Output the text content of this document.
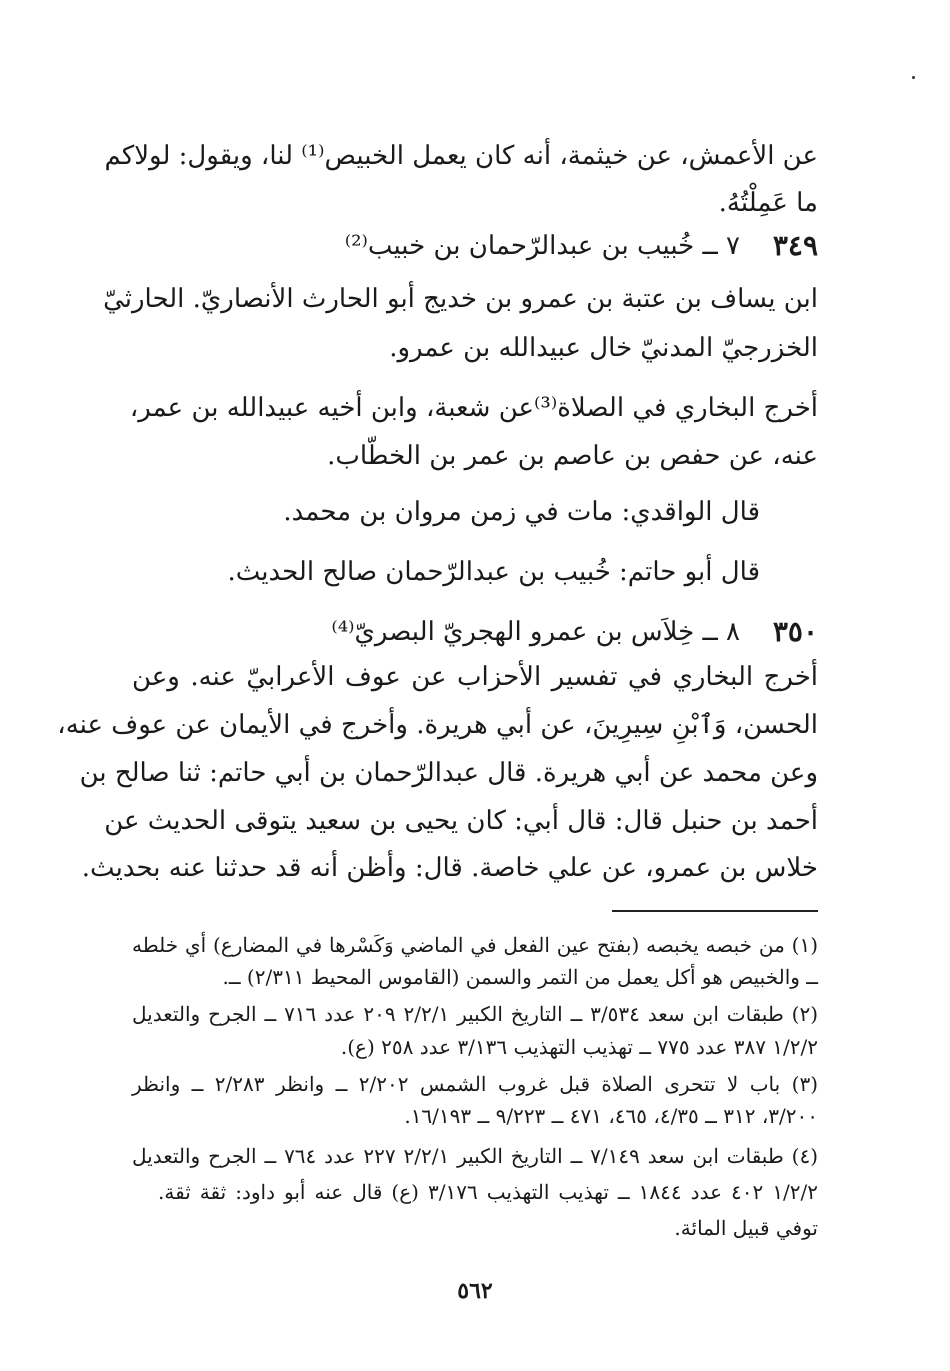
عن الأعمش، عن خيثمة، أنه كان يعمل الخبيص⁽¹⁾ لنا، ويقول: لولاكم
ما عَمِلْتُهُ.
٣٤٩
٧ ــ خُبيب بن عبدالرّحمان بن خبيب⁽²⁾
ابن يساف بن عتبة بن عمرو بن خديج أبو الحارث الأنصاريّ. الحارثيّ
الخزرجيّ المدنيّ خال عبيدالله بن عمرو.
أخرج البخاري في الصلاة⁽³⁾عن شعبة، وابن أخيه عبيدالله بن عمر،
عنه، عن حفص بن عاصم بن عمر بن الخطّاب.
قال الواقدي: مات في زمن مروان بن محمد.
قال أبو حاتم: خُبيب بن عبدالرّحمان صالح الحديث.
٣٥٠
٨ ــ خِلاَس بن عمرو الهجريّ البصريّ⁽⁴⁾
أخرج البخاري في تفسير الأحزاب عن عوف الأعرابيّ عنه. وعن
الحسن، وَٱبْنِ سِيرِينَ، عن أبي هريرة. وأخرج في الأيمان عن عوف عنه،
وعن محمد عن أبي هريرة. قال عبدالرّحمان بن أبي حاتم: ثنا صالح بن
أحمد بن حنبل قال: قال أبي: كان يحيى بن سعيد يتوقى الحديث عن
خلاس بن عمرو، عن علي خاصة. قال: وأظن أنه قد حدثنا عنه بحديث.
(١) من خبصه يخبصه (بفتح عين الفعل في الماضي وَكَسْرها في المضارع) أي خلطه
ــ والخبيص هو أكل يعمل من التمر والسمن (القاموس المحيط ٢/٣١١) ــ.
(٢) طبقات ابن سعد ٣/٥٣٤ ــ التاريخ الكبير ٢/٢/١ ٢٠٩ عدد ٧١٦ ــ الجرح والتعديل
١/٢/٢ ٣٨٧ عدد ٧٧٥ ــ تهذيب التهذيب ٣/١٣٦ عدد ٢٥٨ (ع).
(٣) باب لا تتحرى الصلاة قبل غروب الشمس ٢/٢٠٢ ــ وانظر ٢/٢٨٣ ــ وانظر
٣/٢٠٠، ٣١٢ ــ ٤/٣٥، ٤٦٥، ٤٧١ ــ ٩/٢٢٣ ــ ١٦/١٩٣.
(٤) طبقات ابن سعد ٧/١٤٩ ــ التاريخ الكبير ٢/٢/١ ٢٢٧ عدد ٧٦٤ ــ الجرح والتعديل
١/٢/٢ ٤٠٢ عدد ١٨٤٤ ــ تهذيب التهذيب ٣/١٧٦ (ع) قال عنه أبو داود: ثقة ثقة.
توفي قبيل المائة.
٥٦٢
